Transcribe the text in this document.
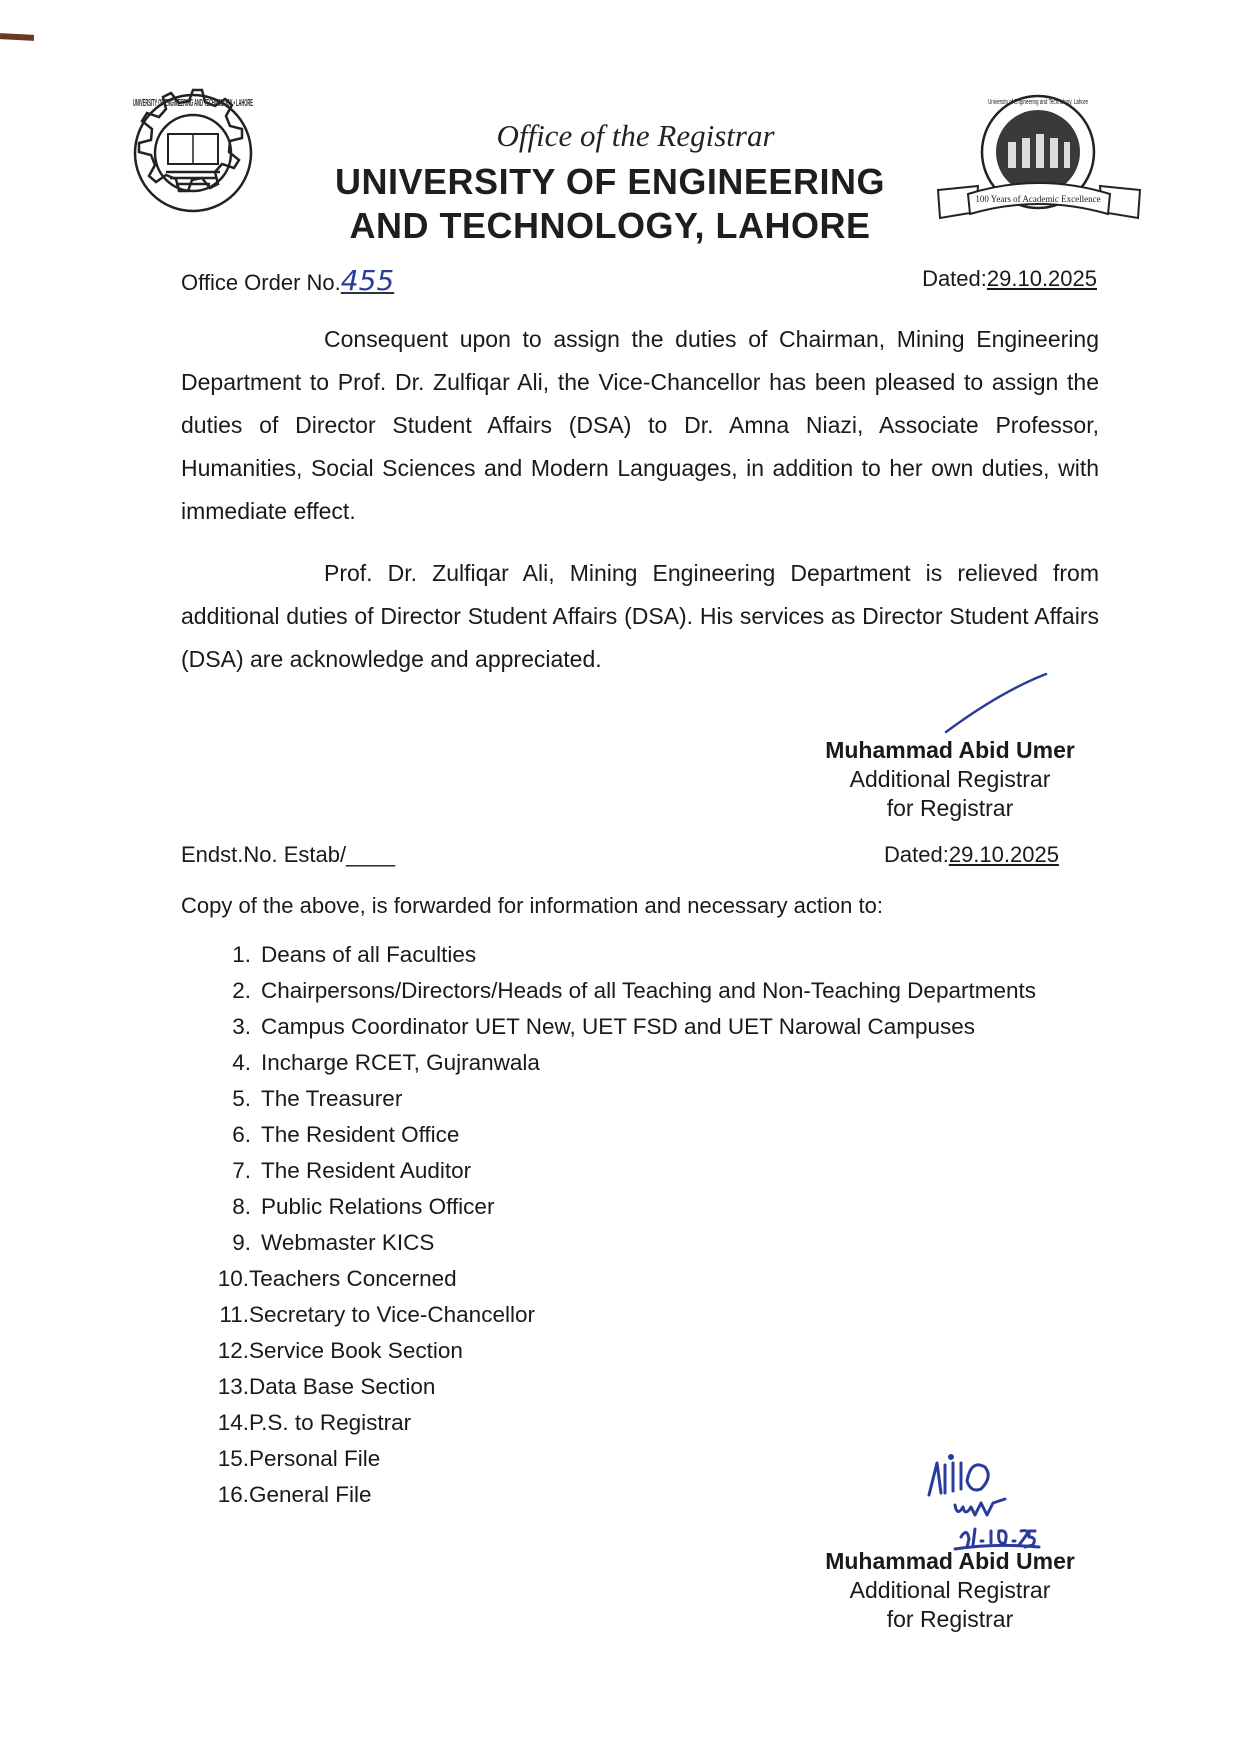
UNIVERSITY OF ENGINEERING AND TECHNOLOGY • LAHORE
Office of the Registrar
UNIVERSITY OF ENGINEERING
AND TECHNOLOGY, LAHORE
100 Years of Academic Excellence
University of Engineering and Technology, Lahore
Office Order No.455	Dated:29.10.2025

Consequent upon to assign the duties of Chairman, Mining Engineering Department to Prof. Dr. Zulfiqar Ali, the Vice-Chancellor has been pleased to assign the duties of Director Student Affairs (DSA) to Dr. Amna Niazi, Associate Professor, Humanities, Social Sciences and Modern Languages, in addition to her own duties, with immediate effect.

Prof. Dr. Zulfiqar Ali, Mining Engineering Department is relieved from additional duties of Director Student Affairs (DSA). His services as Director Student Affairs (DSA) are acknowledge and appreciated.

Muhammad Abid Umer
Additional Registrar
for Registrar
Endst.No. Estab/____	Dated:29.10.2025
Copy of the above, is forwarded for information and necessary action to:
1. Deans of all Faculties
2. Chairpersons/Directors/Heads of all Teaching and Non-Teaching Departments
3. Campus Coordinator UET New, UET FSD and UET Narowal Campuses
4. Incharge RCET, Gujranwala
5. The Treasurer
6. The Resident Office
7. The Resident Auditor
8. Public Relations Officer
9. Webmaster KICS
10. Teachers Concerned
11. Secretary to Vice-Chancellor
12. Service Book Section
13. Data Base Section
14. P.S. to Registrar
15. Personal File
16. General File
Muhammad Abid Umer
Additional Registrar
for Registrar
